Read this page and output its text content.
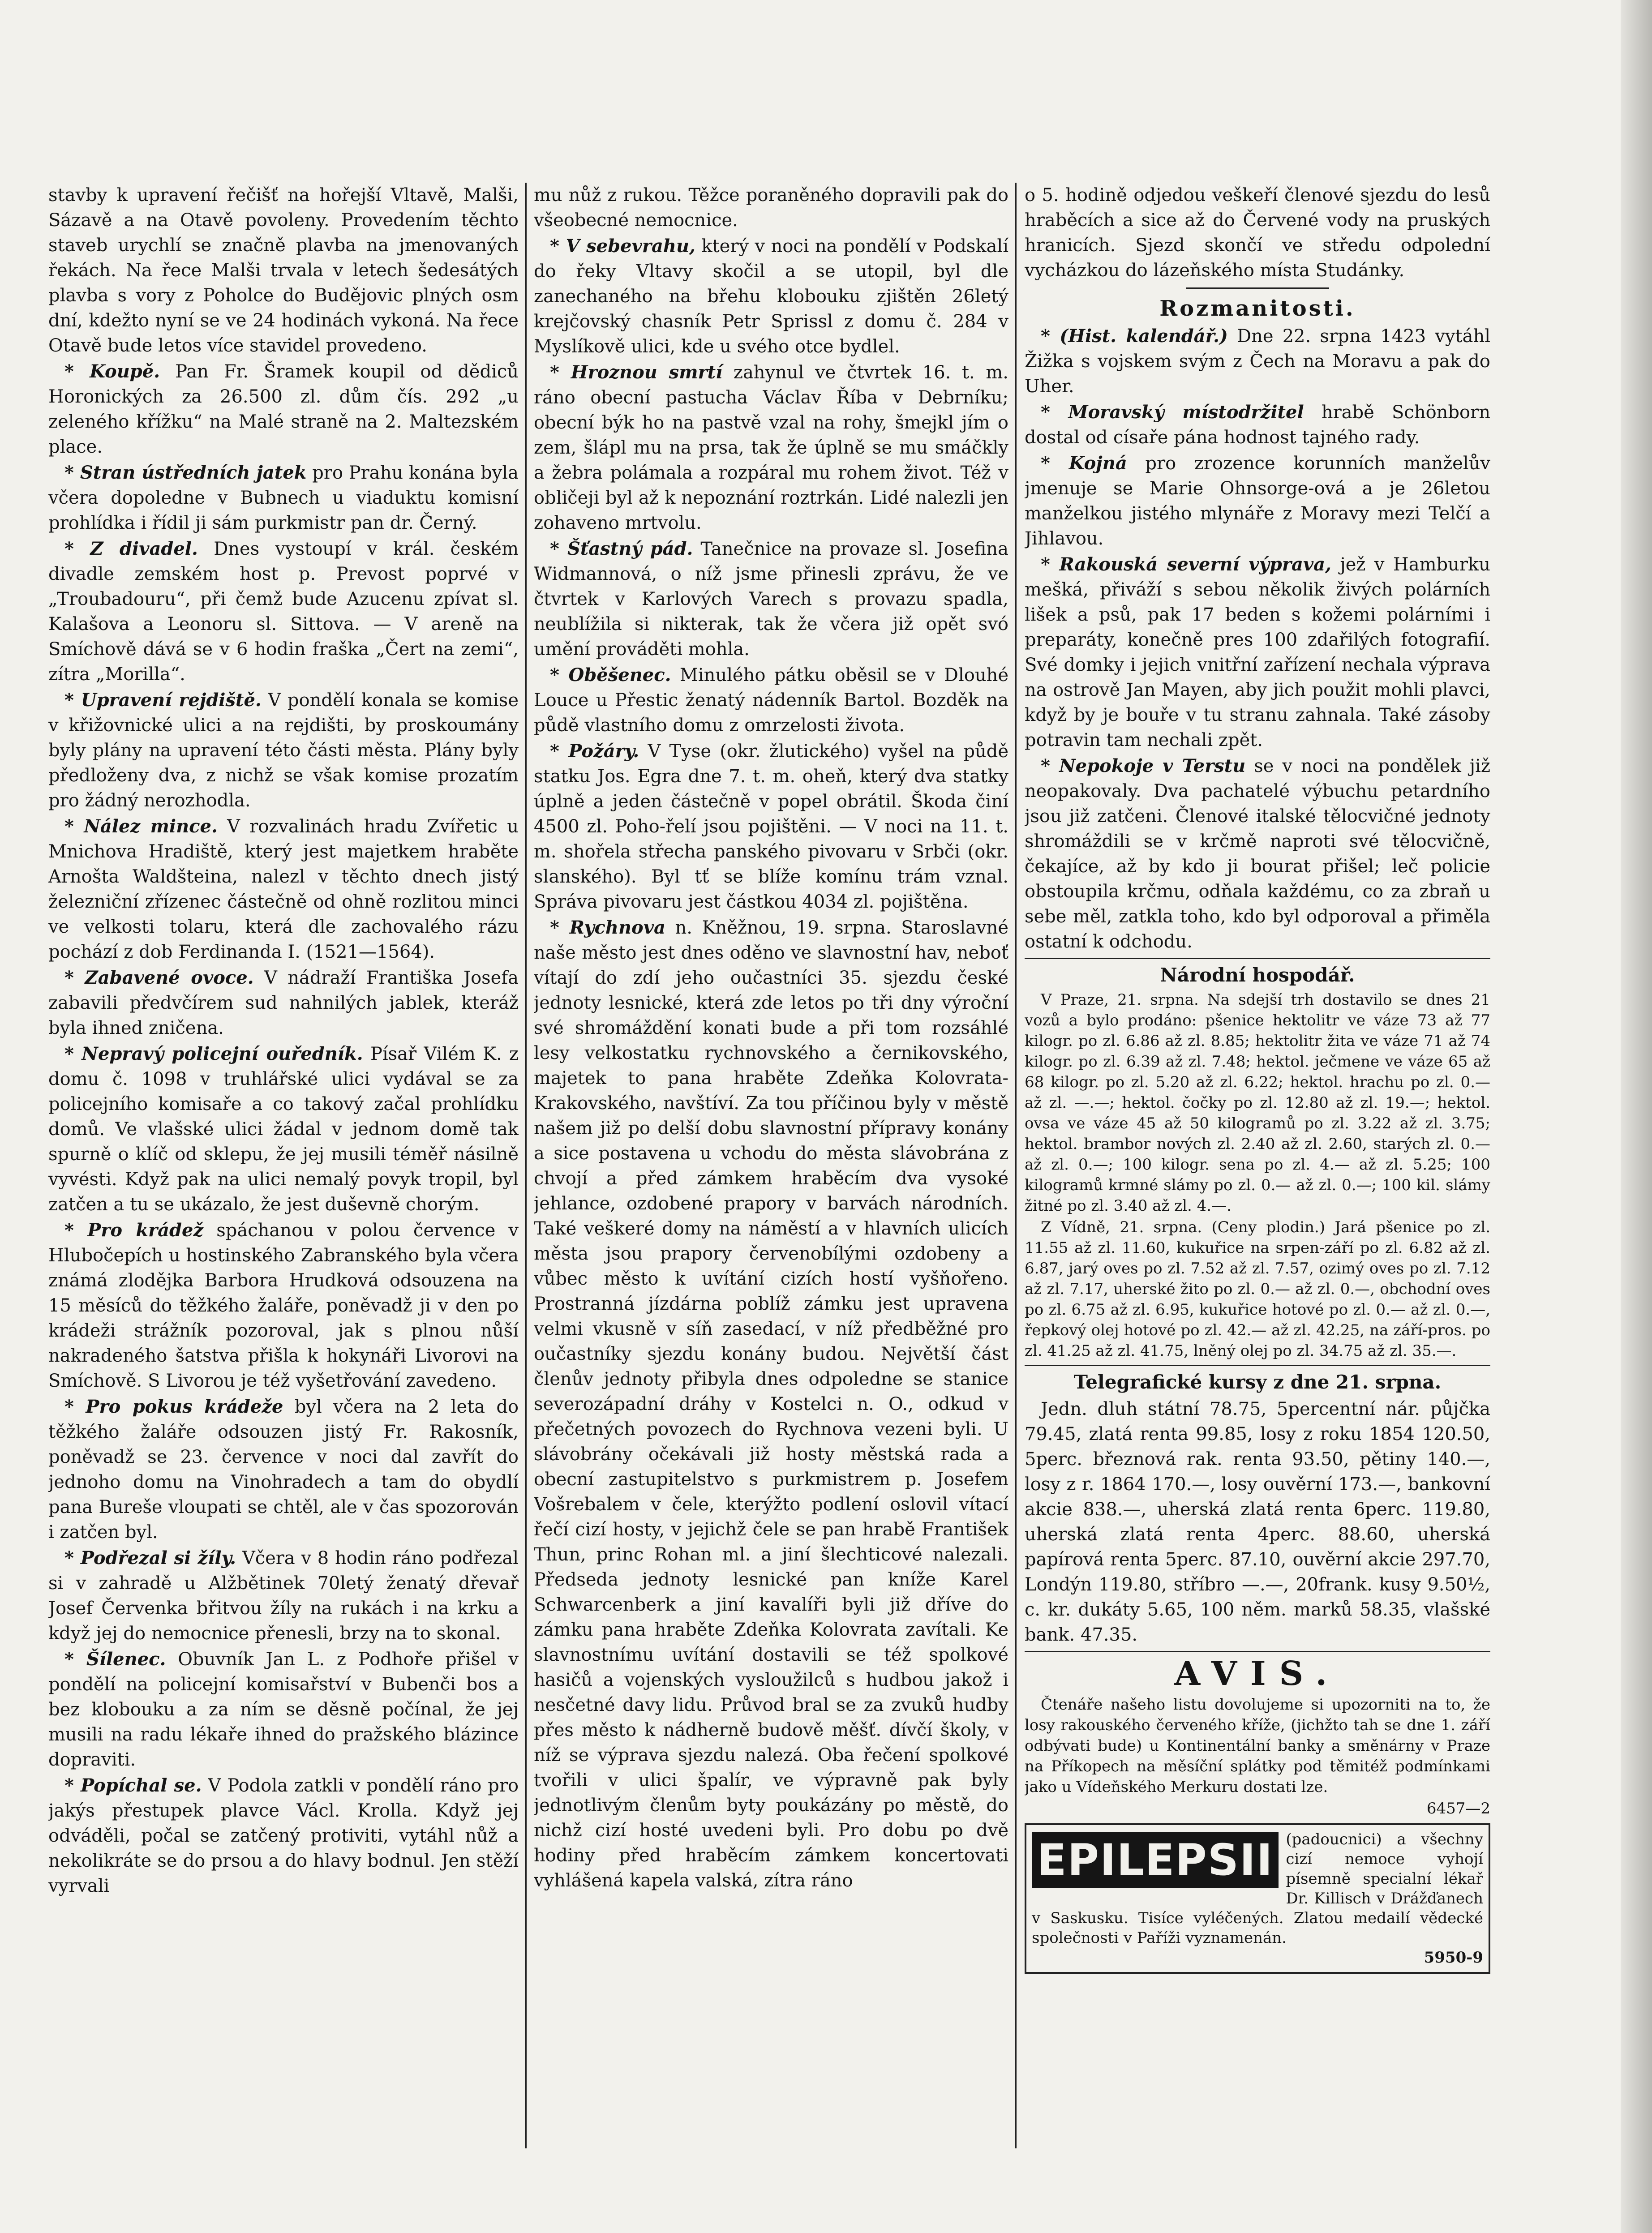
stavby k upravení řečišť na hořejší Vltavě, Malši, Sázavě a na Otavě povoleny. Provedením těchto staveb urychlí se značně plavba na jmenovaných řekách. Na řece Malši trvala v letech šedesátých plavba s vory z Poholce do Budějovic plných osm dní, kdežto nyní se ve 24 hodinách vykoná. Na řece Otavě bude letos více stavidel provedeno.

* Koupě. Pan Fr. Šramek koupil od dědiců Horonických za 26.500 zl. dům čís. 292 „u zeleného křížku“ na Malé straně na 2. Maltezském place.

* Stran ústředních jatek pro Prahu konána byla včera dopoledne v Bubnech u viaduktu komisní prohlídka i řídil ji sám purkmistr pan dr. Černý.

* Z divadel. Dnes vystoupí v král. českém divadle zemském host p. Prevost poprvé v „Troubadouru“, při čemž bude Azucenu zpívat sl. Kalašova a Leonoru sl. Sittova. — V areně na Smíchově dává se v 6 hodin fraška „Čert na zemi“, zítra „Morilla“.

* Upravení rejdiště. V pondělí konala se komise v křižovnické ulici a na rejdišti, by proskoumány byly plány na upravení této části města. Plány byly předloženy dva, z nichž se však komise prozatím pro žádný nerozhodla.

* Nález mince. V rozvalinách hradu Zvířetic u Mnichova Hradiště, který jest majetkem hraběte Arnošta Waldšteina, nalezl v těchto dnech jistý železniční zřízenec částečně od ohně rozlitou minci ve velkosti tolaru, která dle zachovalého rázu pochází z dob Ferdinanda I. (1521—1564).

* Zabavené ovoce. V nádraží Františka Josefa zabavili předvčírem sud nahnilých jablek, kteráž byla ihned zničena.

* Nepravý policejní ouředník. Písař Vilém K. z domu č. 1098 v truhlářské ulici vydával se za policejního komisaře a co takový začal prohlídku domů. Ve vlašské ulici žádal v jednom domě tak spurně o klíč od sklepu, že jej musili téměř násilně vyvésti. Když pak na ulici nemalý povyk tropil, byl zatčen a tu se ukázalo, že jest duševně chorým.

* Pro krádež spáchanou v polou července v Hlubočepích u hostinského Zabranského byla včera známá zlodějka Barbora Hrudková odsouzena na 15 měsíců do těžkého žaláře, poněvadž ji v den po krádeži strážník pozoroval, jak s plnou nůší nakradeného šatstva přišla k hokynáři Livorovi na Smíchově. S Livorou je též vyšetřování zavedeno.

* Pro pokus krádeže byl včera na 2 leta do těžkého žaláře odsouzen jistý Fr. Rakosník, poněvadž se 23. července v noci dal zavřít do jednoho domu na Vinohradech a tam do obydlí pana Bureše vloupati se chtěl, ale v čas spozorován i zatčen byl.

* Podřezal si žíly. Včera v 8 hodin ráno podřezal si v zahradě u Alžbětinek 70letý ženatý dřevař Josef Červenka břitvou žíly na rukách i na krku a když jej do nemocnice přenesli, brzy na to skonal.

* Šílenec. Obuvník Jan L. z Podhoře přišel v pondělí na policejní komisařství v Bubenči bos a bez klobouku a za ním se děsně počínal, že jej musili na radu lékaře ihned do pražského blázince dopraviti.

* Popíchal se. V Podola zatkli v pondělí ráno pro jakýs přestupek plavce Václ. Krolla. Když jej odváděli, počal se zatčený protiviti, vytáhl nůž a nekolikráte se do prsou a do hlavy bodnul. Jen stěží vyrvali

mu nůž z rukou. Těžce poraněného dopravili pak do všeobecné nemocnice.

* V sebevrahu, který v noci na pondělí v Podskalí do řeky Vltavy skočil a se utopil, byl dle zanechaného na břehu klobouku zjištěn 26letý krejčovský chasník Petr Sprissl z domu č. 284 v Myslíkově ulici, kde u svého otce bydlel.

* Hroznou smrtí zahynul ve čtvrtek 16. t. m. ráno obecní pastucha Václav Říba v Debrníku; obecní býk ho na pastvě vzal na rohy, šmejkl jím o zem, šlápl mu na prsa, tak že úplně se mu smáčkly a žebra polámala a rozpáral mu rohem život. Též v obličeji byl až k nepoznání roztrkán. Lidé nalezli jen zohaveno mrtvolu.

* Šťastný pád. Tanečnice na provaze sl. Josefina Widmannová, o níž jsme přinesli zprávu, že ve čtvrtek v Karlových Varech s provazu spadla, neublížila si nikterak, tak že včera již opět svó umění prováděti mohla.

* Oběšenec. Minulého pátku oběsil se v Dlouhé Louce u Přestic ženatý nádenník Bartol. Bozděk na půdě vlastního domu z omrzelosti života.

* Požáry. V Tyse (okr. žlutického) vyšel na půdě statku Jos. Egra dne 7. t. m. oheň, který dva statky úplně a jeden částečně v popel obrátil. Škoda činí 4500 zl. Poho-řelí jsou pojištěni. — V noci na 11. t. m. shořela střecha panského pivovaru v Srbči (okr. slanského). Byl tť se blíže komínu trám vznal. Správa pivovaru jest částkou 4034 zl. pojištěna.

* Rychnova n. Kněžnou, 19. srpna. Staroslavné naše město jest dnes oděno ve slavnostní hav, neboť vítají do zdí jeho oučastníci 35. sjezdu české jednoty lesnické, která zde letos po tři dny výroční své shromáždění konati bude a při tom rozsáhlé lesy velkostatku rychnovského a černikovského, majetek to pana hraběte Zdeňka Kolovrata-Krakovského, navštíví. Za tou příčinou byly v městě našem již po delší dobu slavnostní přípravy konány a sice postavena u vchodu do města slávobrána z chvojí a před zámkem hraběcím dva vysoké jehlance, ozdobené prapory v barvách národních. Také veškeré domy na náměstí a v hlavních ulicích města jsou prapory červenobílými ozdobeny a vůbec město k uvítání cizích hostí vyšňořeno. Prostranná jízdárna poblíž zámku jest upravena velmi vkusně v síň zasedací, v níž předběžné pro oučastníky sjezdu konány budou. Největší část členův jednoty přibyla dnes odpoledne se stanice severozápadní dráhy v Kostelci n. O., odkud v přečetných povozech do Rychnova vezeni byli. U slávobrány očekávali již hosty městská rada a obecní zastupitelstvo s purkmistrem p. Josefem Vošrebalem v čele, kterýžto podlení oslovil vítací řečí cizí hosty, v jejichž čele se pan hrabě František Thun, princ Rohan ml. a jiní šlechticové nalezali. Předseda jednoty lesnické pan kníže Karel Schwarcenberk a jiní kavalíři byli již dříve do zámku pana hraběte Zdeňka Kolovrata zavítali. Ke slavnostnímu uvítání dostavili se též spolkové hasičů a vojenských vysloužilců s hudbou jakož i nesčetné davy lidu. Průvod bral se za zvuků hudby přes město k nádherně budově měšť. dívčí školy, v níž se výprava sjezdu nalezá. Oba řečení spolkové tvořili v ulici špalír, ve výpravně pak byly jednotlivým členům byty poukázány po městě, do nichž cizí hosté uvedeni byli. Pro dobu po dvě hodiny před hraběcím zámkem koncertovati vyhlášená kapela valská, zítra ráno

o 5. hodině odjedou veškeří členové sjezdu do lesů hraběcích a sice až do Červené vody na pruských hranicích. Sjezd skončí ve středu odpolední vycházkou do lázeňského místa Studánky.

Rozmanitosti.

* (Hist. kalendář.) Dne 22. srpna 1423 vytáhl Žižka s vojskem svým z Čech na Moravu a pak do Uher.

* Moravský místodržitel hrabě Schönborn dostal od císaře pána hodnost tajného rady.

* Kojná pro zrozence korunních manželův jmenuje se Marie Ohnsorge-ová a je 26letou manželkou jistého mlynáře z Moravy mezi Telčí a Jihlavou.

* Rakouská severní výprava, jež v Hamburku mešká, přiváží s sebou několik živých polárních lišek a psů, pak 17 beden s kožemi polárními i preparáty, konečně pres 100 zdařilých fotografií. Své domky i jejich vnitřní zařízení nechala výprava na ostrově Jan Mayen, aby jich použit mohli plavci, když by je bouře v tu stranu zahnala. Také zásoby potravin tam nechali zpět.

* Nepokoje v Terstu se v noci na pondělek již neopakovaly. Dva pachatelé výbuchu petardního jsou již zatčeni. Členové italské tělocvičné jednoty shromáždili se v krčmě naproti své tělocvičně, čekajíce, až by kdo ji bourat přišel; leč policie obstoupila krčmu, odňala každému, co za zbraň u sebe měl, zatkla toho, kdo byl odporoval a přiměla ostatní k odchodu.

Národní hospodář.

V Praze, 21. srpna. Na sdejší trh dostavilo se dnes 21 vozů a bylo prodáno: pšenice hektolitr ve váze 73 až 77 kilogr. po zl. 6.86 až zl. 8.85; hektolitr žita ve váze 71 až 74 kilogr. po zl. 6.39 až zl. 7.48; hektol. ječmene ve váze 65 až 68 kilogr. po zl. 5.20 až zl. 6.22; hektol. hrachu po zl. 0.— až zl. —.—; hektol. čočky po zl. 12.80 až zl. 19.—; hektol. ovsa ve váze 45 až 50 kilogramů po zl. 3.22 až zl. 3.75; hektol. brambor nových zl. 2.40 až zl. 2.60, starých zl. 0.— až zl. 0.—; 100 kilogr. sena po zl. 4.— až zl. 5.25; 100 kilogramů krmné slámy po zl. 0.— až zl. 0.—; 100 kil. slámy žitné po zl. 3.40 až zl. 4.—.

Z Vídně, 21. srpna. (Ceny plodin.) Jará pšenice po zl. 11.55 až zl. 11.60, kukuřice na srpen-září po zl. 6.82 až zl. 6.87, jarý oves po zl. 7.52 až zl. 7.57, ozimý oves po zl. 7.12 až zl. 7.17, uherské žito po zl. 0.— až zl. 0.—, obchodní oves po zl. 6.75 až zl. 6.95, kukuřice hotové po zl. 0.— až zl. 0.—, řepkový olej hotové po zl. 42.— až zl. 42.25, na září-pros. po zl. 41.25 až zl. 41.75, lněný olej po zl. 34.75 až zl. 35.—.

Telegrafické kursy z dne 21. srpna.

Jedn. dluh státní 78.75, 5percentní nár. půjčka 79.45, zlatá renta 99.85, losy z roku 1854 120.50, 5perc. březnová rak. renta 93.50, pětiny 140.—, losy z r. 1864 170.—, losy ouvěrní 173.—, bankovní akcie 838.—, uherská zlatá renta 6perc. 119.80, uherská zlatá renta 4perc. 88.60, uherská papírová renta 5perc. 87.10, ouvěrní akcie 297.70, Londýn 119.80, stříbro —.—, 20frank. kusy 9.50½, c. kr. dukáty 5.65, 100 něm. marků 58.35, vlašské bank. 47.35.

AVIS.

Čtenáře našeho listu dovolujeme si upozorniti na to, že losy rakouského červeného kříže, (jichžto tah se dne 1. září odbývati bude) u Kontinentální banky a směnárny v Praze na Příkopech na měsíční splátky pod těmitéž podmínkami jako u Vídeňského Merkuru dostati lze.

6457—2
EPILEPSII (padoucnici) a všechny cizí nemoce vyhojí písemně specialní lékař Dr. Killisch v Drážďanech v Saskusku. Tisíce vyléčených. Zlatou medailí vědecké společnosti v Paříži vyznamenán.
5950-9
